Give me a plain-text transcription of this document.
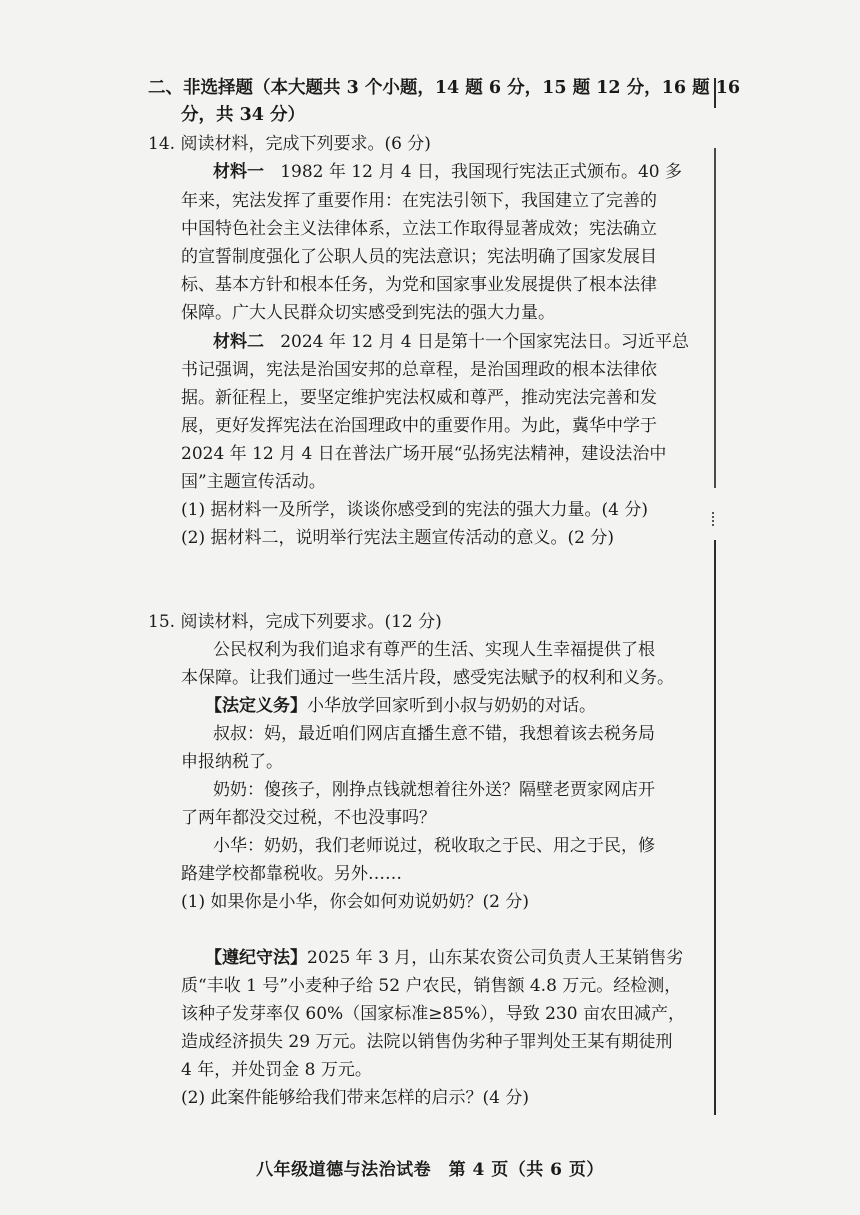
二、非选择题（本大题共 3 个小题，14 题 6 分，15 题 12 分，16 题 16
分，共 34 分）
14. 阅读材料，完成下列要求。(6 分)
材料一 1982 年 12 月 4 日，我国现行宪法正式颁布。40 多
年来，宪法发挥了重要作用：在宪法引领下，我国建立了完善的
中国特色社会主义法律体系，立法工作取得显著成效；宪法确立
的宣誓制度强化了公职人员的宪法意识；宪法明确了国家发展目
标、基本方针和根本任务，为党和国家事业发展提供了根本法律
保障。广大人民群众切实感受到宪法的强大力量。
材料二 2024 年 12 月 4 日是第十一个国家宪法日。习近平总
书记强调，宪法是治国安邦的总章程，是治国理政的根本法律依
据。新征程上，要坚定维护宪法权威和尊严，推动宪法完善和发
展，更好发挥宪法在治国理政中的重要作用。为此，冀华中学于
2024 年 12 月 4 日在普法广场开展“弘扬宪法精神，建设法治中
国”主题宣传活动。
(1) 据材料一及所学，谈谈你感受到的宪法的强大力量。(4 分)
(2) 据材料二，说明举行宪法主题宣传活动的意义。(2 分)
15. 阅读材料，完成下列要求。(12 分)
公民权利为我们追求有尊严的生活、实现人生幸福提供了根
本保障。让我们通过一些生活片段，感受宪法赋予的权利和义务。
【法定义务】小华放学回家听到小叔与奶奶的对话。
叔叔：妈，最近咱们网店直播生意不错，我想着该去税务局
申报纳税了。
奶奶：傻孩子，刚挣点钱就想着往外送？隔壁老贾家网店开
了两年都没交过税，不也没事吗？
小华：奶奶，我们老师说过，税收取之于民、用之于民，修
路建学校都靠税收。另外……
(1) 如果你是小华，你会如何劝说奶奶？(2 分)
【遵纪守法】2025 年 3 月，山东某农资公司负责人王某销售劣
质“丰收 1 号”小麦种子给 52 户农民，销售额 4.8 万元。经检测，
该种子发芽率仅 60%（国家标准≥85%），导致 230 亩农田减产，
造成经济损失 29 万元。法院以销售伪劣种子罪判处王某有期徒刑
4 年，并处罚金 8 万元。
(2) 此案件能够给我们带来怎样的启示？(4 分)
八年级道德与法治试卷　第 4 页（共 6 页）
